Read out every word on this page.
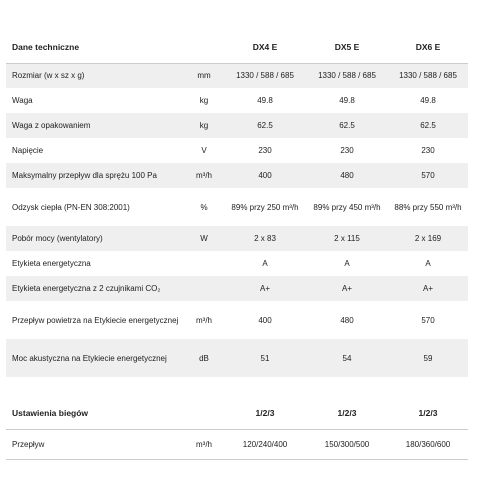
Dane techniczne		DX4 E	DX5 E	DX6 E
Rozmiar (w x sz x g)	mm	1330 / 588 / 685	1330 / 588 / 685	1330 / 588 / 685
Waga	kg	49.8	49.8	49.8
Waga z opakowaniem	kg	62.5	62.5	62.5
Napięcie	V	230	230	230
Maksymalny przepływ dla sprężu 100 Pa	m³/h	400	480	570
Odzysk ciepła (PN-EN 308:2001)	%	89% przy 250 m³/h	89% przy 450 m³/h	88% przy 550 m³/h
Pobór mocy (wentylatory)	W	2 x 83	2 x 115	2 x 169
Etykieta energetyczna		A	A	A
Etykieta energetyczna z 2 czujnikami CO₂		A+	A+	A+
Przepływ powietrza na Etykiecie energetycznej	m³/h	400	480	570
Moc akustyczna na Etykiecie energetycznej	dB	51	54	59

Ustawienia biegów		1/2/3	1/2/3	1/2/3
Przepływ	m³/h	120/240/400	150/300/500	180/360/600
